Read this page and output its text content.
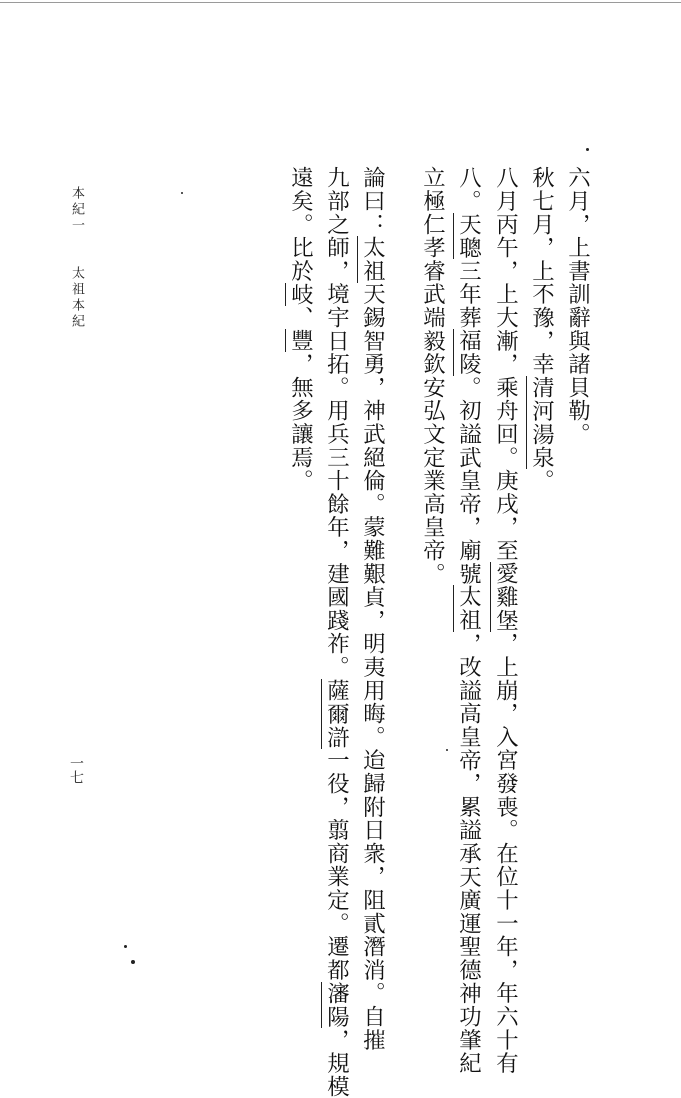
六月，上書訓辭與諸貝勒。
秋七月，上不豫，幸清河湯泉。
八月丙午，上大漸，乘舟回。庚戌，至愛雞堡，上崩，入宮發喪。在位十一年，年六十有
八。天聰三年葬福陵。初謚武皇帝，廟號太祖，改謚高皇帝，累謚承天廣運聖德神功肇紀
立極仁孝睿武端毅欽安弘文定業高皇帝。
論曰：太祖天錫智勇，神武絕倫。蒙難艱貞，明夷用晦。迨歸附日衆，阻貳潛消。自摧
九部之師，境宇日拓。用兵三十餘年，建國踐祚。薩爾滸一役，翦商業定。遷都瀋陽，規模
遠矣。比於岐、豐，無多讓焉。
本紀一
太祖本紀
一七
